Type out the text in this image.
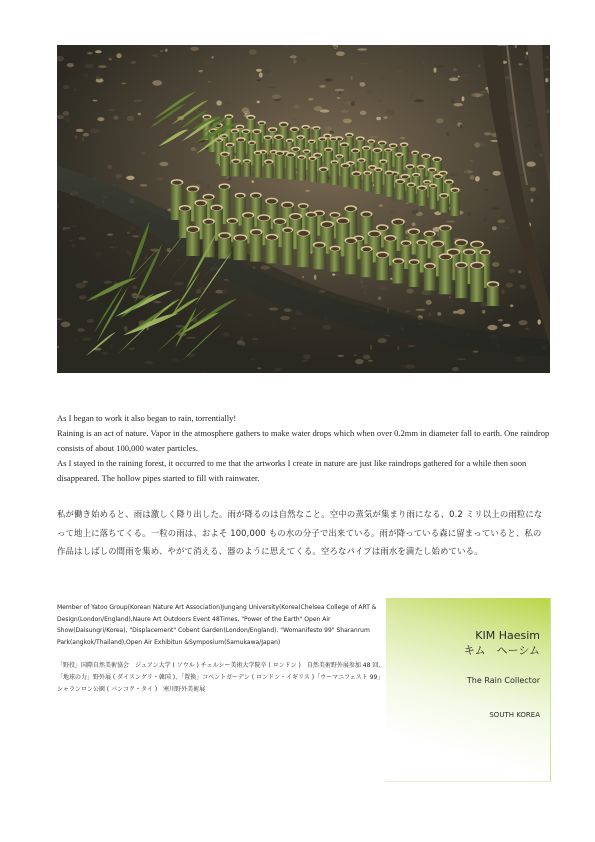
As I began to work it also began to rain, torrentially!

Raining is an act of nature. Vapor in the atmosphere gathers to make water drops which when over 0.2mm in diameter fall to earth. One raindrop consists of about 100,000 water particles.

As I stayed in the raining forest, it occurred to me that the artworks I create in nature are just like raindrops gathered for a while then soon disappeared. The hollow pipes started to fill with rainwater.

私が働き始めると、雨は激しく降り出した。雨が降るのは自然なこと。空中の蒸気が集まり雨になる、0.2 ミリ以上の雨粒になって地上に落ちてくる。一粒の雨は、およそ 100,000 もの水の分子で出来ている。雨が降っている森に留まっていると、私の作品はしばしの間雨を集め、やがて消える、器のように思えてくる。空ろなパイプは雨水を満たし始めている。

Member of Yatoo Group(Korean Nature Art Association)Jungang University(Korea)Chelsea College of ART & Design(London/England),Naure Art Outdoors Event 48Times, "Power of the Earth" Open Air Show(Daisungri/Korea), "Displacement" Cobent Garden(London/England). "Womanifesto 99" Sharanrum Park(angkok/Thailand),Open Air Exhibitun &Symposium(Samukawa/Japan)

「野投」国際自然美術協会　ジュアン大学 ( ソウル ) チェルシー美術大学院卒 ( ロンドン )　自然美術野外展参加 48 回,「地球の力」野外展 ( ダイスングリ・韓国 )、「置換」コベントガーデン ( ロンドン・イギリス )「ウーマニフェスト 99」シャランロン公園 ( バンコク・タイ )　寒川野外美術展

KIM Haesim
キム　ヘーシム
The Rain Collector
SOUTH KOREA
